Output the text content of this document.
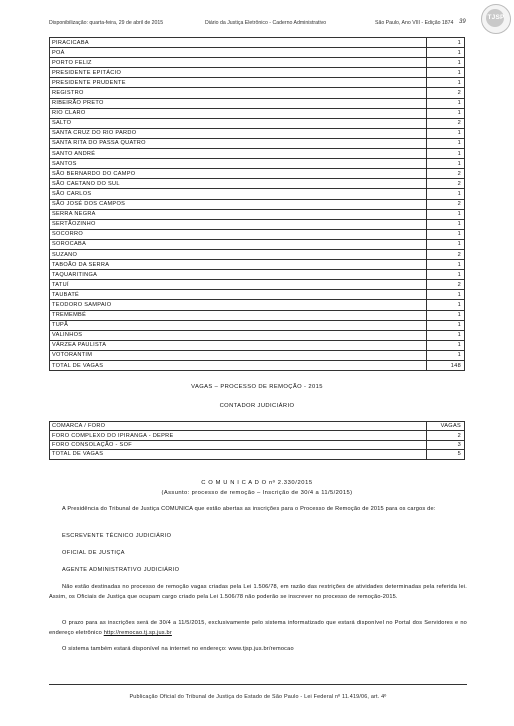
Disponibilização: quarta-feira, 29 de abril de 2015	Diário da Justiça Eletrônico - Caderno Administrativo	São Paulo, Ano VIII - Edição 1874 39
TJSP
PIRACICABA	1
POÁ	1
PORTO FELIZ	1
PRESIDENTE EPITÁCIO	1
PRESIDENTE PRUDENTE	1
REGISTRO	2
RIBEIRÃO PRETO	1
RIO CLARO	1
SALTO	2
SANTA CRUZ DO RIO PARDO	1
SANTA RITA DO PASSA QUATRO	1
SANTO ANDRÉ	1
SANTOS	1
SÃO BERNARDO DO CAMPO	2
SÃO CAETANO DO SUL	2
SÃO CARLOS	1
SÃO JOSÉ DOS CAMPOS	2
SERRA NEGRA	1
SERTÃOZINHO	1
SOCORRO	1
SOROCABA	1
SUZANO	2
TABOÃO DA SERRA	1
TAQUARITINGA	1
TATUÍ	2
TAUBATÉ	1
TEODORO SAMPAIO	1
TREMEMBÉ	1
TUPÃ	1
VALINHOS	1
VÁRZEA PAULISTA	1
VOTORANTIM	1
TOTAL DE VAGAS	148
VAGAS – PROCESSO DE REMOÇÃO - 2015
CONTADOR JUDICIÁRIO
COMARCA / FORO	VAGAS
FORO COMPLEXO DO IPIRANGA - DEPRE	2
FORO CONSOLAÇÃO - SOF	3
TOTAL DE VAGAS	5
C O M U N I C A D O nº 2.330/2015
(Assunto: processo de remoção – Inscrição de 30/4 a 11/5/2015)
A Presidência do Tribunal de Justiça COMUNICA que estão abertas as inscrições para o Processo de Remoção de 2015 para os cargos de:
ESCREVENTE TÉCNICO JUDICIÁRIO
OFICIAL DE JUSTIÇA
AGENTE ADMINISTRATIVO JUDICIÁRIO
Não estão destinadas no processo de remoção vagas criadas pela Lei 1.506/78, em razão das restrições de atividades determinadas pela referida lei. Assim, os Oficiais de Justiça que ocupam cargo criado pela Lei 1.506/78 não poderão se inscrever no processo de remoção-2015.
O prazo para as inscrições será de 30/4 a 11/5/2015, exclusivamente pelo sistema informatizado que estará disponível no Portal dos Servidores e no endereço eletrônico http://remocao.tj.sp.jus.br
O sistema também estará disponível na internet no endereço: www.tjsp.jus.br/remocao
Publicação Oficial do Tribunal de Justiça do Estado de São Paulo - Lei Federal nº 11.419/06, art. 4º
